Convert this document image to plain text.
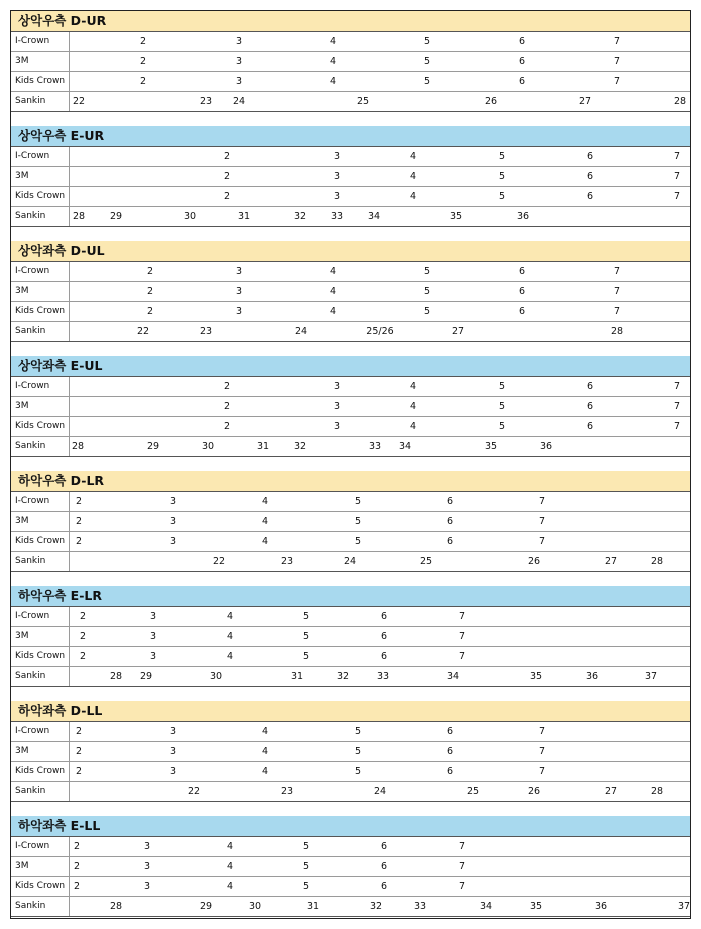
상악우측 D-UR
I-Crown	2	3	4	5	6	7
3M	2	3	4	5	6	7
Kids Crown	2	3	4	5	6	7
Sankin	22	23 24	25	26	27	28
상악우측 E-UR
I-Crown	2	3	4	5	6	7
3M	2	3	4	5	6	7
Kids Crown	2	3	4	5	6	7
Sankin	28	29	30	31	32	33	34	35	36
상악좌측 D-UL
I-Crown	2	3	4	5	6	7
3M	2	3	4	5	6	7
Kids Crown	2	3	4	5	6	7
Sankin	22	23	24	25/26	27	28
상악좌측 E-UL
I-Crown	2	3	4	5	6	7
3M	2	3	4	5	6	7
Kids Crown	2	3	4	5	6	7
Sankin	28	29	30	31	32	33 34	35	36
하악우측 D-LR
I-Crown	2	3	4	5	6	7
3M	2	3	4	5	6	7
Kids Crown 2	3	4	5	6	7
Sankin	22	23	24	25	26	27	28
하악우측 E-LR
I-Crown	2	3	4	5	6	7
3M	2	3	4	5	6	7
Kids Crown 2	3	4	5	6	7
Sankin	28 29	30	31	32	33	34	35	36	37
하악좌측 D-LL
I-Crown	2	3	4	5	6	7
3M	2	3	4	5	6	7
Kids Crown 2	3	4	5	6	7
Sankin	22	23	24	25	26	27	28
하악좌측 E-LL
I-Crown	2	3	4	5	6	7
3M	2	3	4	5	6	7
Kids Crown 2	3	4	5	6	7
Sankin	28	29	30	31	32	33	34	35	36	37
